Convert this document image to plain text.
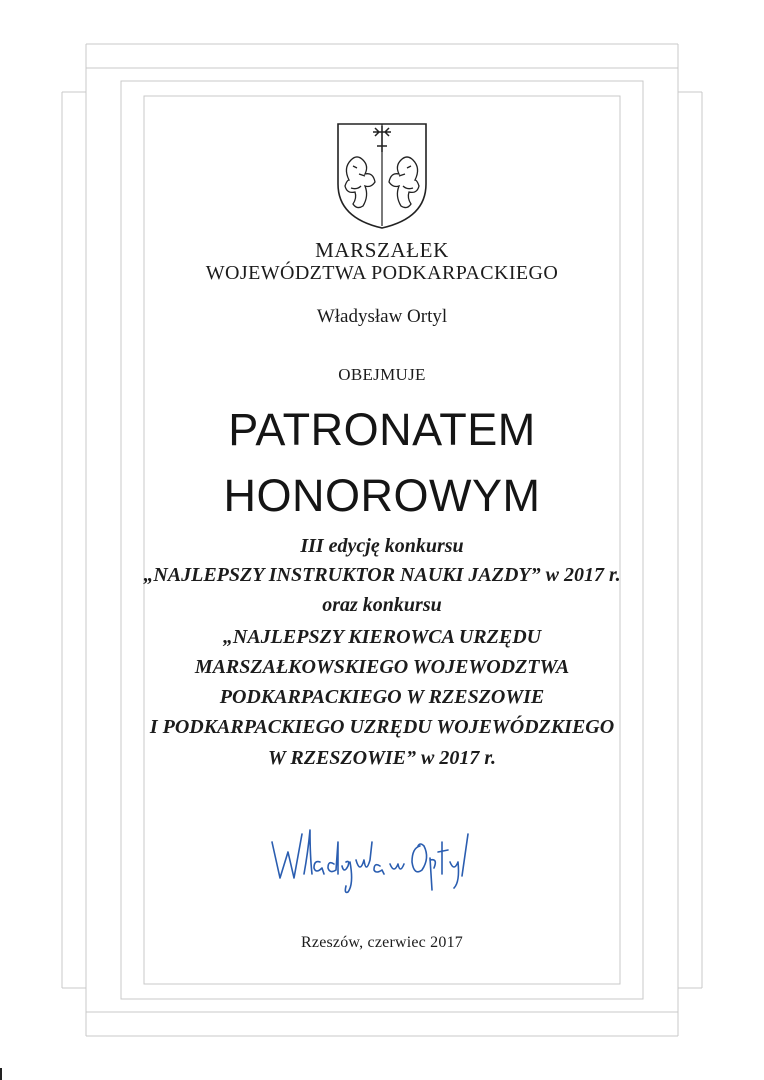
MARSZAŁEK
WOJEWÓDZTWA PODKARPACKIEGO
Władysław Ortyl
OBEJMUJE
PATRONATEM
HONOROWYM
III edycję konkursu
„NAJLEPSZY INSTRUKTOR NAUKI JAZDY” w 2017 r.
oraz konkursu
„NAJLEPSZY KIEROWCA URZĘDU
MARSZAŁKOWSKIEGO WOJEWODZTWA
PODKARPACKIEGO W RZESZOWIE
I PODKARPACKIEGO UZRĘDU WOJEWÓDZKIEGO
W RZESZOWIE” w 2017 r.
Rzeszów, czerwiec 2017
